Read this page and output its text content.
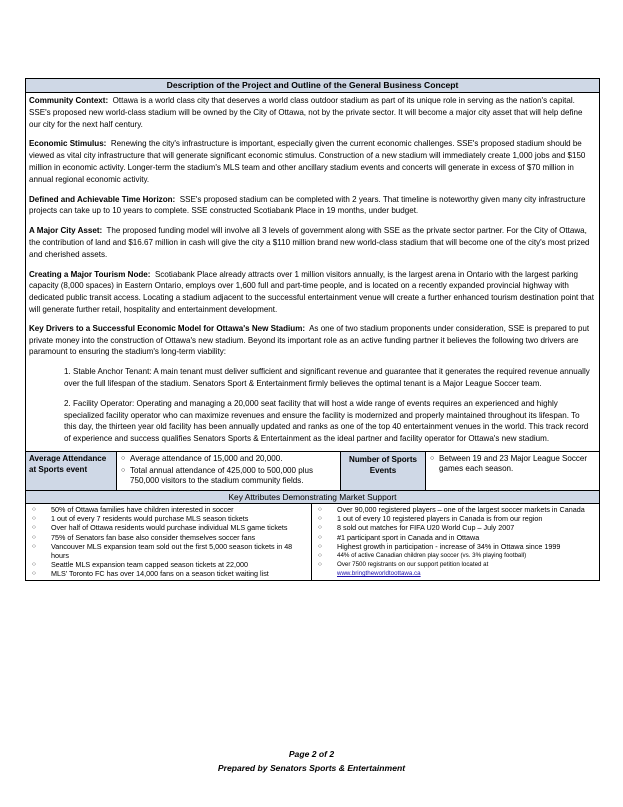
Description of the Project and Outline of the General Business Concept

Community Context: Ottawa is a world class city that deserves a world class outdoor stadium as part of its unique role in serving as the nation's capital. SSE's proposed new world-class stadium will be owned by the City of Ottawa, not by the private sector. It will become a major city asset that will help define our city for the next half century.

Economic Stimulus: Renewing the city's infrastructure is important, especially given the current economic challenges. SSE's proposed stadium should be viewed as vital city infrastructure that will generate significant economic stimulus. Construction of a new stadium will immediately create 1,000 jobs and $150 million in economic activity. Longer-term the stadium's MLS team and other ancillary stadium events and concerts will generate in excess of $70 million in annual regional economic activity.

Defined and Achievable Time Horizon: SSE's proposed stadium can be completed with 2 years. That timeline is noteworthy given many city infrastructure projects can take up to 10 years to complete. SSE constructed Scotiabank Place in 19 months, under budget.

A Major City Asset: The proposed funding model will involve all 3 levels of government along with SSE as the private sector partner. For the City of Ottawa, the contribution of land and $16.67 million in cash will give the city a $110 million brand new world-class stadium that will become one of the city's most prized and cherished assets.

Creating a Major Tourism Node: Scotiabank Place already attracts over 1 million visitors annually, is the largest arena in Ontario with the largest parking capacity (8,000 spaces) in Eastern Ontario, employs over 1,600 full and part-time people, and is located on a recently expanded provincial highway with dedicated public transit access. Locating a stadium adjacent to the successful entertainment venue will create a further enhanced tourism destination point that will generate further retail, hospitality and entertainment development.

Key Drivers to a Successful Economic Model for Ottawa's New Stadium: As one of two stadium proponents under consideration, SSE is prepared to put private money into the construction of Ottawa's new stadium. Beyond its important role as an active funding partner it believes the following two drivers are paramount to ensuring the stadium's long-term viability:

1. Stable Anchor Tenant: A main tenant must deliver sufficient and significant revenue and guarantee that it generates the required revenue annually over the full lifespan of the stadium. Senators Sport & Entertainment firmly believes the optimal tenant is a Major League Soccer team.
2. Facility Operator: Operating and managing a 20,000 seat facility that will host a wide range of events requires an experienced and highly specialized facility operator who can maximize revenues and ensure the facility is modernized and properly maintained throughout its lifespan. To this day, the thirteen year old facility has been annually updated and ranks as one of the top 40 entertainment venues in the world. This track record of experience and success qualifies Senators Sports & Entertainment as the ideal partner and facility operator for Ottawa's new stadium.
Average Attendance at Sports event
○ Average attendance of 15,000 and 20,000.
○ Total annual attendance of 425,000 to 500,000 plus 750,000 visitors to the stadium community fields.
Number of Sports Events
○ Between 19 and 23 Major League Soccer games each season.
Key Attributes Demonstrating Market Support
○ 50% of Ottawa families have children interested in soccer
○ 1 out of every 7 residents would purchase MLS season tickets
○ Over half of Ottawa residents would purchase individual MLS game tickets
○ 75% of Senators fan base also consider themselves soccer fans
○ Vancouver MLS expansion team sold out the first 5,000 season tickets in 48 hours
○ Seattle MLS expansion team capped season tickets at 22,000
○ MLS' Toronto FC has over 14,000 fans on a season ticket waiting list
○ Over 90,000 registered players – one of the largest soccer markets in Canada
○ 1 out of every 10 registered players in Canada is from our region
○ 8 sold out matches for FIFA U20 World Cup – July 2007
○ #1 participant sport in Canada and in Ottawa
○ Highest growth in participation - increase of 34% in Ottawa since 1999
○ 44% of active Canadian children play soccer (vs. 3% playing football)
○ Over 7500 registrants on our support petition located at
www.bringtheworldtoottawa.ca
Page 2 of 2
Prepared by Senators Sports & Entertainment
